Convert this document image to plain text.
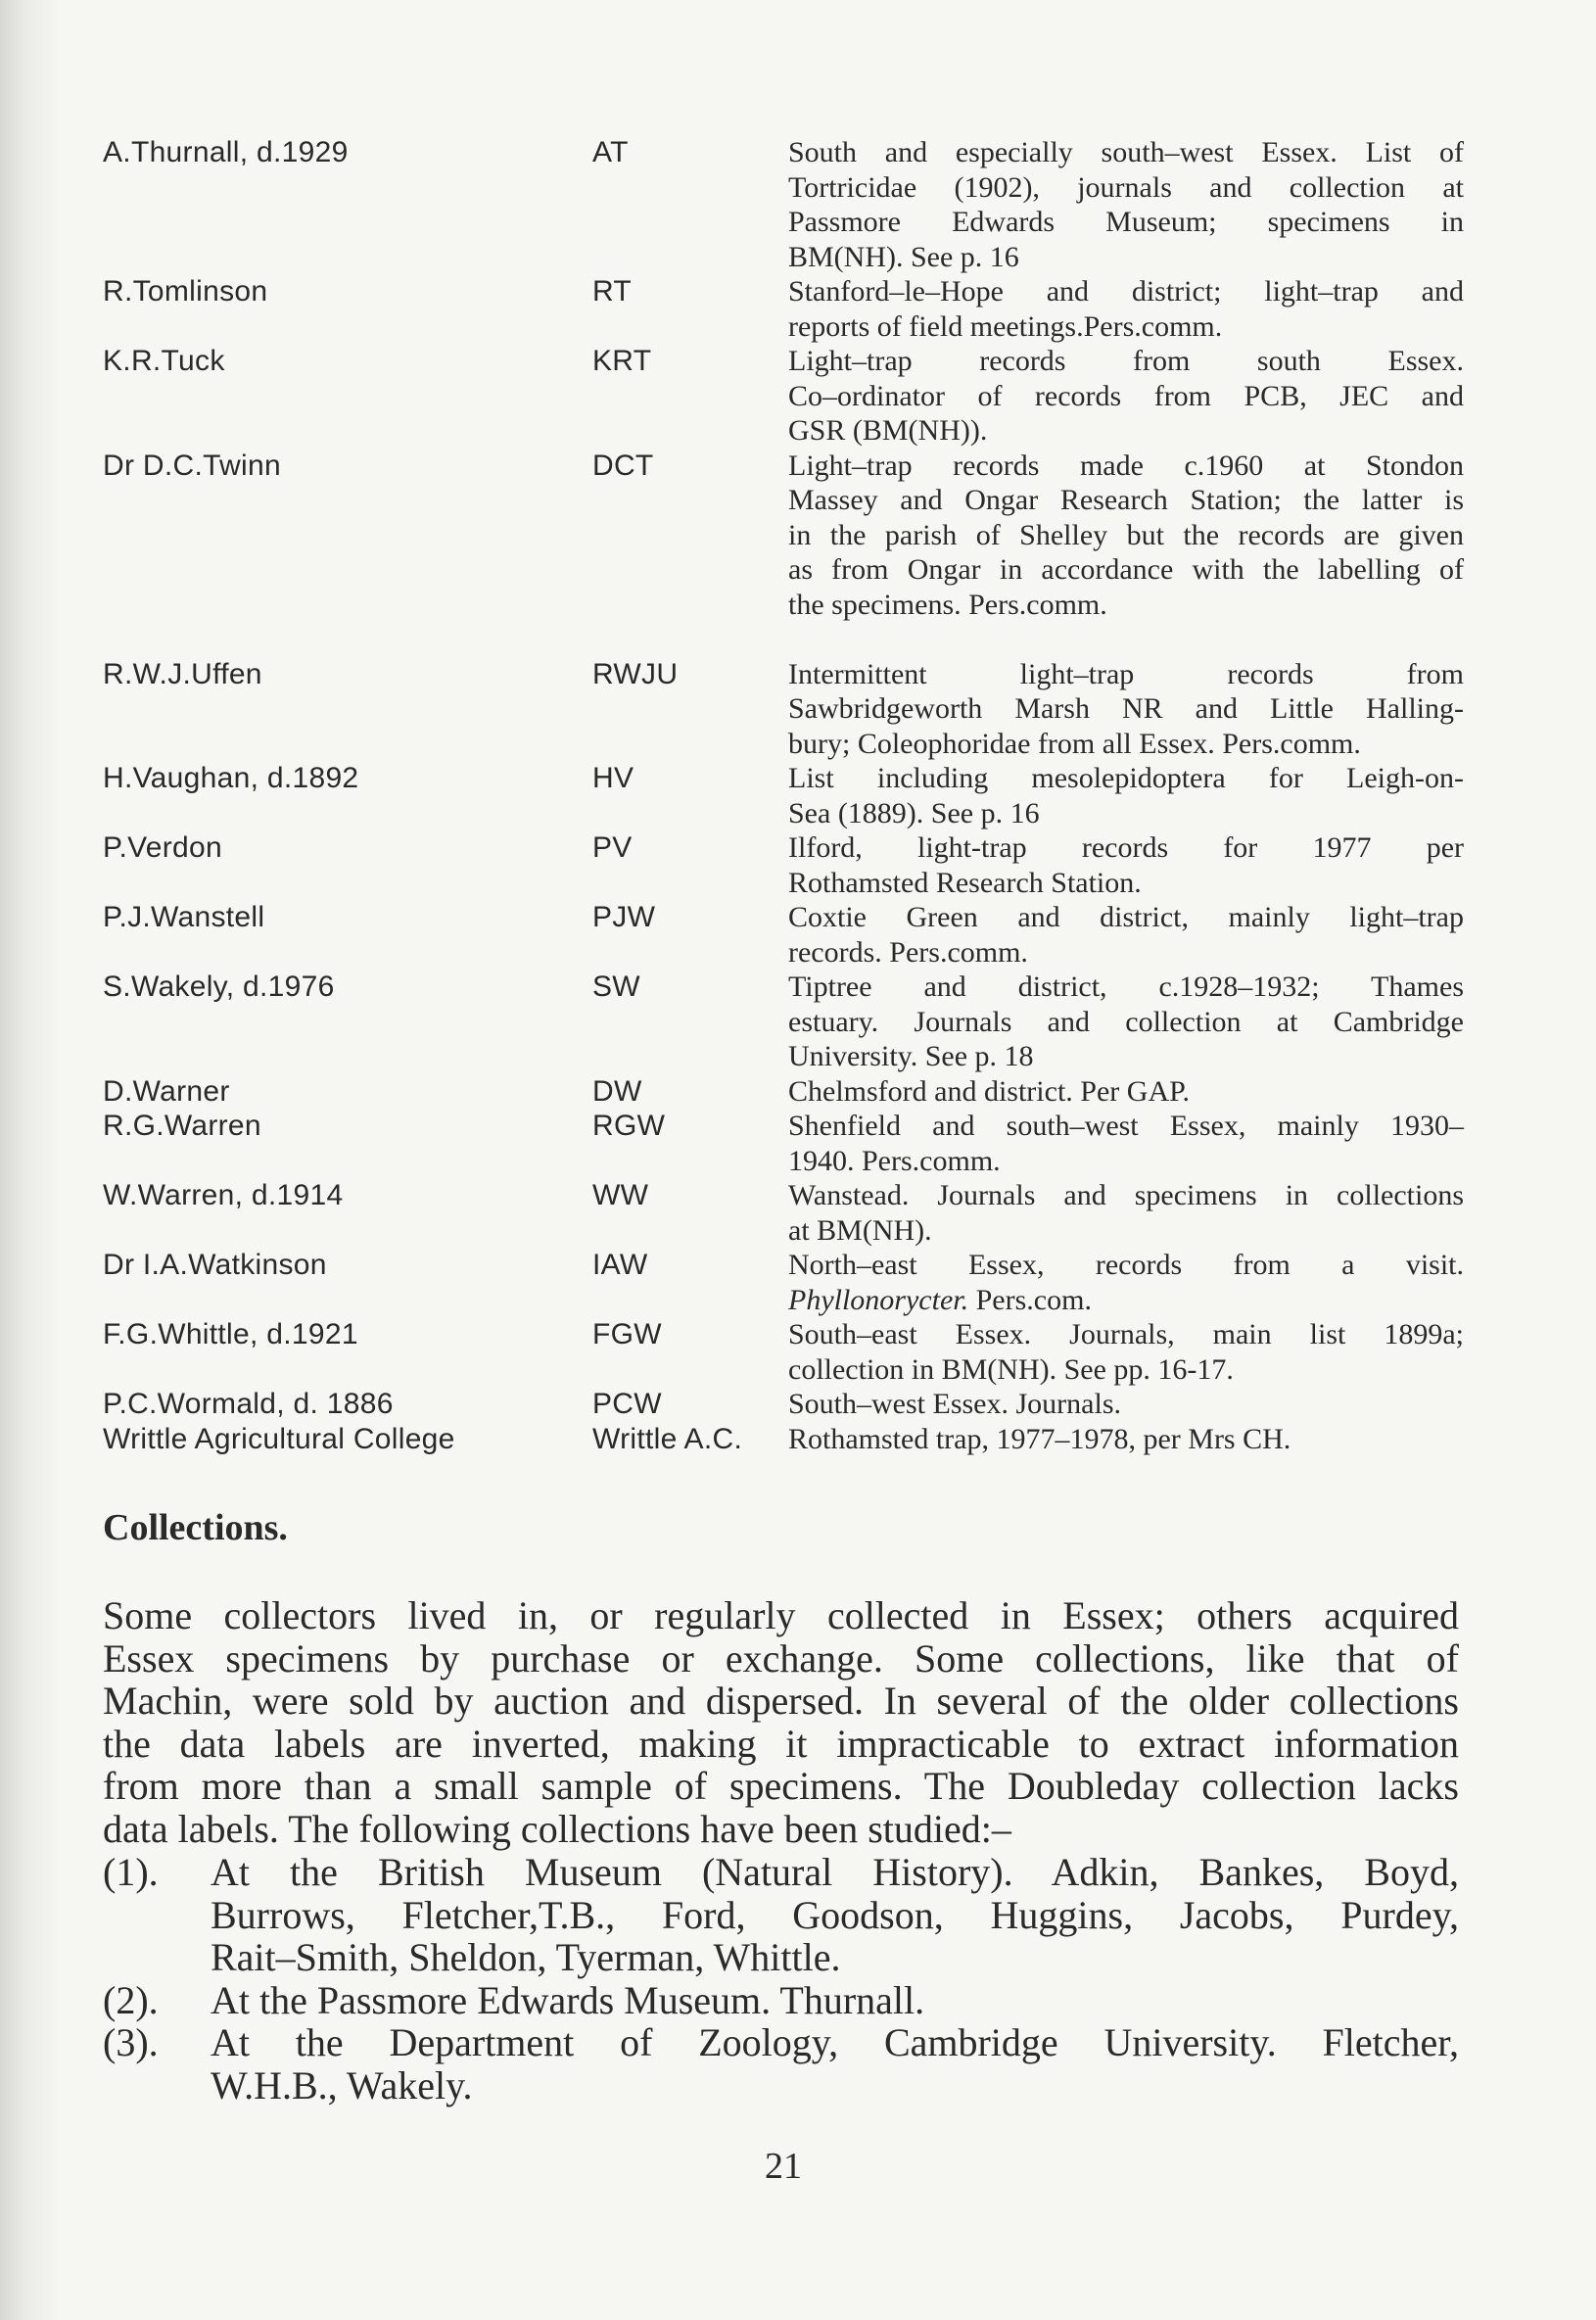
A.Thurnall, d.1929	AT	South and especially south–west Essex. List of
Tortricidae (1902), journals and collection at
Passmore Edwards Museum; specimens in
BM(NH). See p. 16
R.Tomlinson	RT	Stanford–le–Hope and district; light–trap and
reports of field meetings.Pers.comm.
K.R.Tuck	KRT	Light–trap records from south Essex.
Co–ordinator of records from PCB, JEC and
GSR (BM(NH)).
Dr D.C.Twinn	DCT	Light–trap records made c.1960 at Stondon
Massey and Ongar Research Station; the latter is
in the parish of Shelley but the records are given
as from Ongar in accordance with the labelling of
the specimens. Pers.comm.
R.W.J.Uffen	RWJU	Intermittent light–trap records from
Sawbridgeworth Marsh NR and Little Halling-
bury; Coleophoridae from all Essex. Pers.comm.
H.Vaughan, d.1892	HV	List including mesolepidoptera for Leigh-on-
Sea (1889). See p. 16
P.Verdon	PV	Ilford, light-trap records for 1977 per
Rothamsted Research Station.
P.J.Wanstell	PJW	Coxtie Green and district, mainly light–trap
records. Pers.comm.
S.Wakely, d.1976	SW	Tiptree and district, c.1928–1932; Thames
estuary. Journals and collection at Cambridge
University. See p. 18
D.Warner	DW	Chelmsford and district. Per GAP.
R.G.Warren	RGW	Shenfield and south–west Essex, mainly 1930–
1940. Pers.comm.
W.Warren, d.1914	WW	Wanstead. Journals and specimens in collections
at BM(NH).
Dr I.A.Watkinson	IAW	North–east Essex, records from a visit.
Phyllonorycter. Pers.com.
F.G.Whittle, d.1921	FGW	South–east Essex. Journals, main list 1899a;
collection in BM(NH). See pp. 16-17.
P.C.Wormald, d. 1886	PCW	South–west Essex. Journals.
Writtle Agricultural College	Writtle A.C.	Rothamsted trap, 1977–1978, per Mrs CH.
Collections.
Some collectors lived in, or regularly collected in Essex; others acquired
Essex specimens by purchase or exchange. Some collections, like that of
Machin, were sold by auction and dispersed. In several of the older collections
the data labels are inverted, making it impracticable to extract information
from more than a small sample of specimens. The Doubleday collection lacks
data labels. The following collections have been studied:–
(1).	At the British Museum (Natural History). Adkin, Bankes, Boyd,
Burrows, Fletcher,T.B., Ford, Goodson, Huggins, Jacobs, Purdey,
Rait–Smith, Sheldon, Tyerman, Whittle.
(2).	At the Passmore Edwards Museum. Thurnall.
(3).	At the Department of Zoology, Cambridge University. Fletcher,
W.H.B., Wakely.
21
